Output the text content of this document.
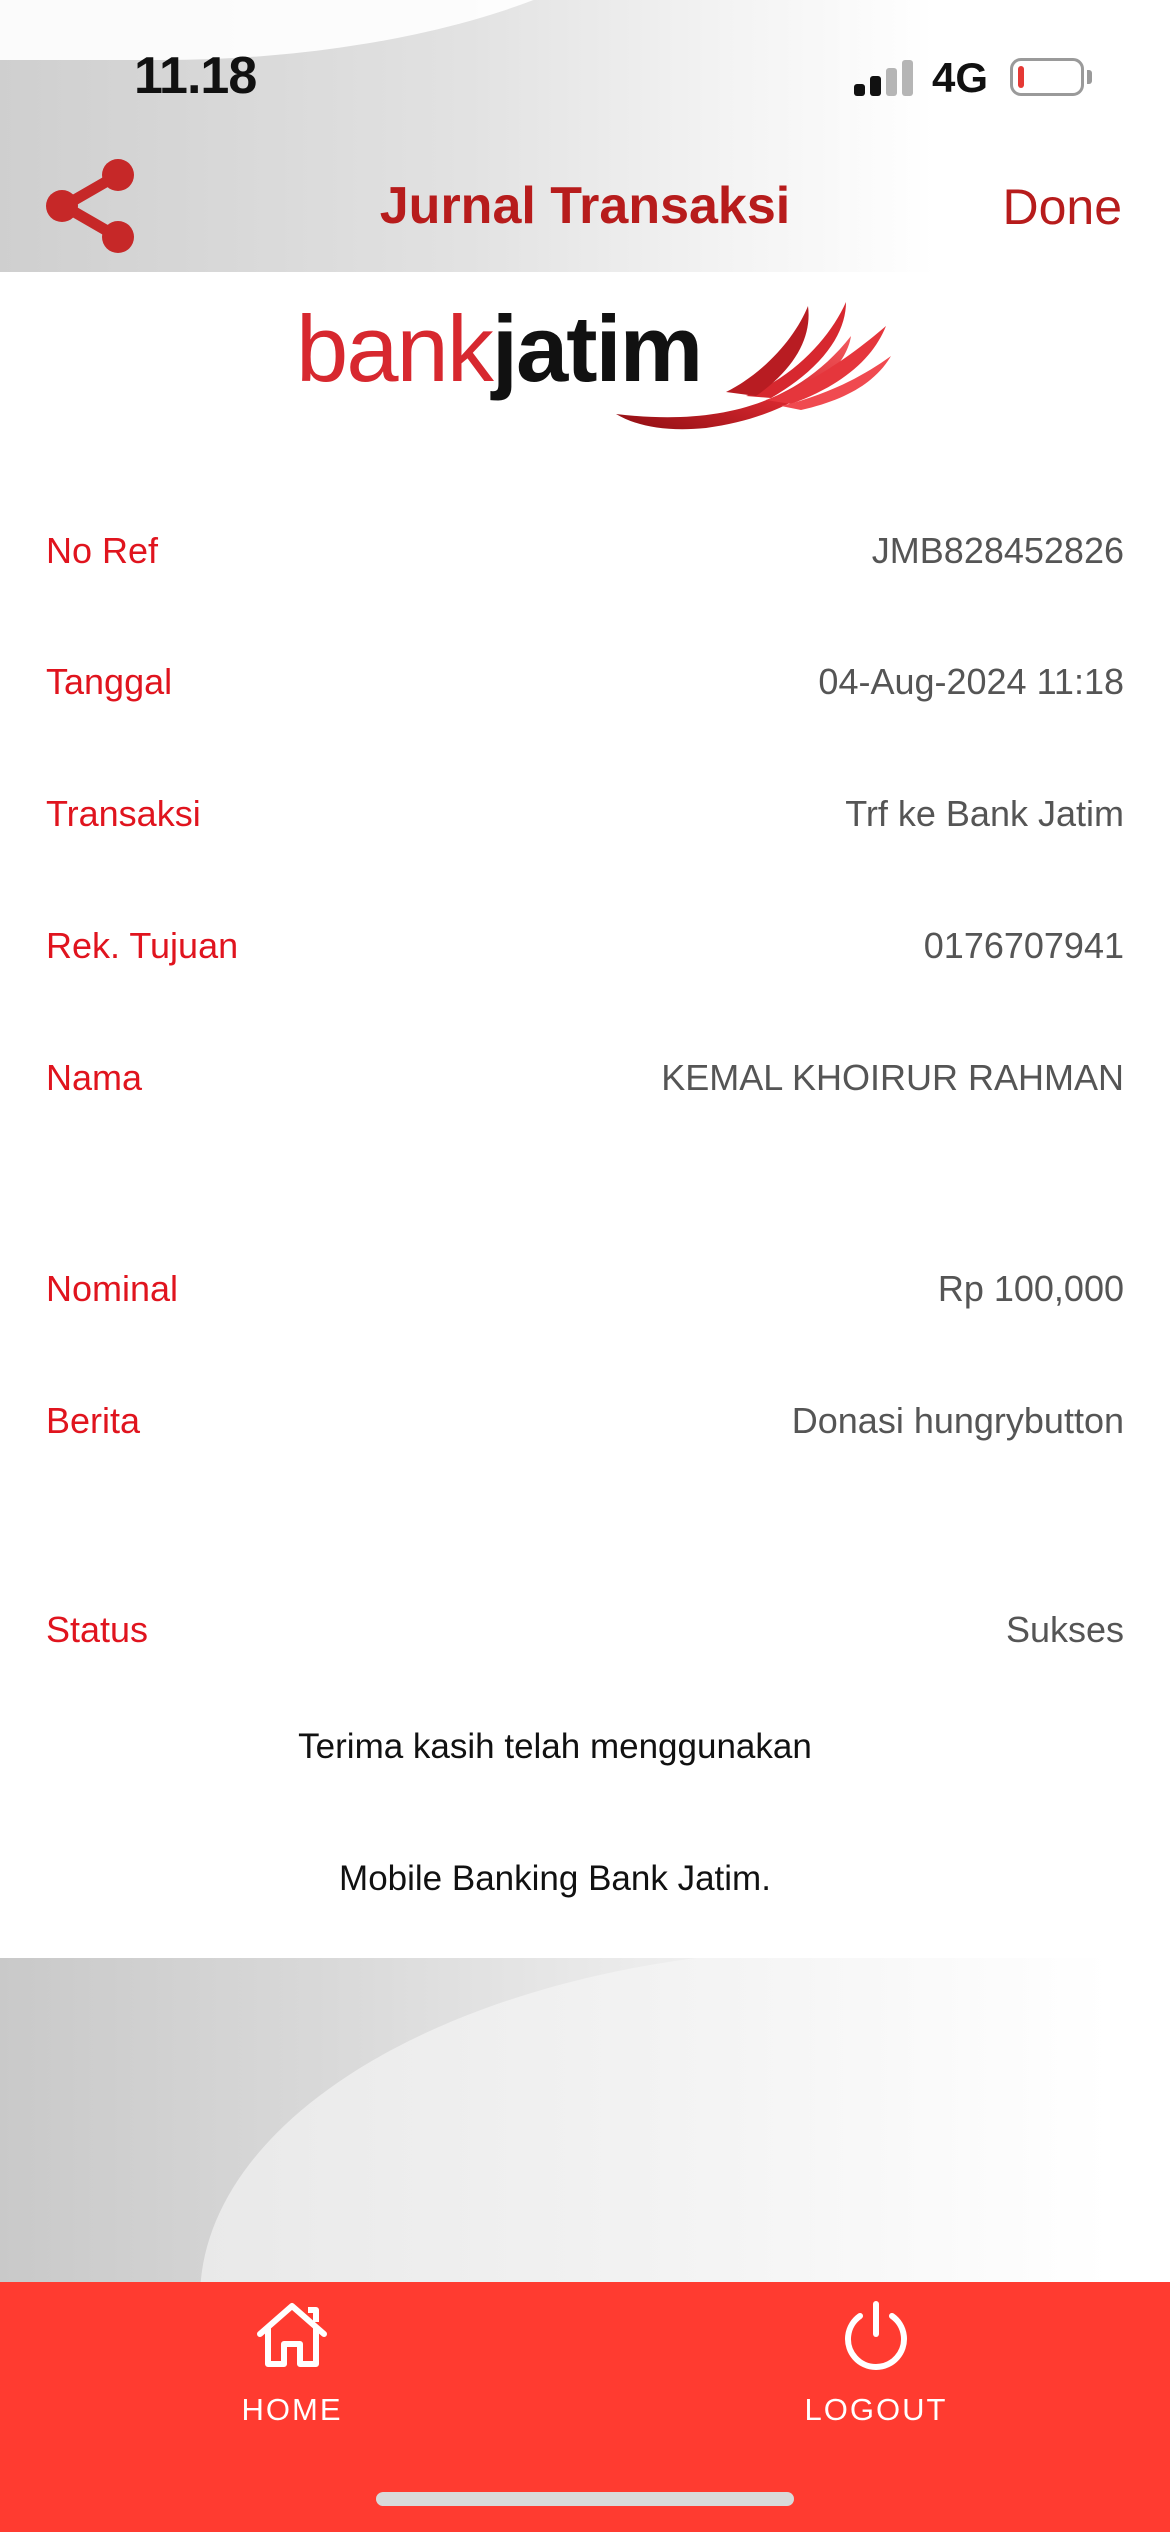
11.18	4G
Jurnal Transaksi	Done
bankjatim
No Ref	JMB828452826
Tanggal	04-Aug-2024 11:18
Transaksi	Trf ke Bank Jatim
Rek. Tujuan	0176707941
Nama	KEMAL KHOIRUR RAHMAN
Nominal	Rp 100,000
Berita	Donasi hungrybutton
Status	Sukses
Terima kasih telah menggunakan
Mobile Banking Bank Jatim.
HOME	LOGOUT
